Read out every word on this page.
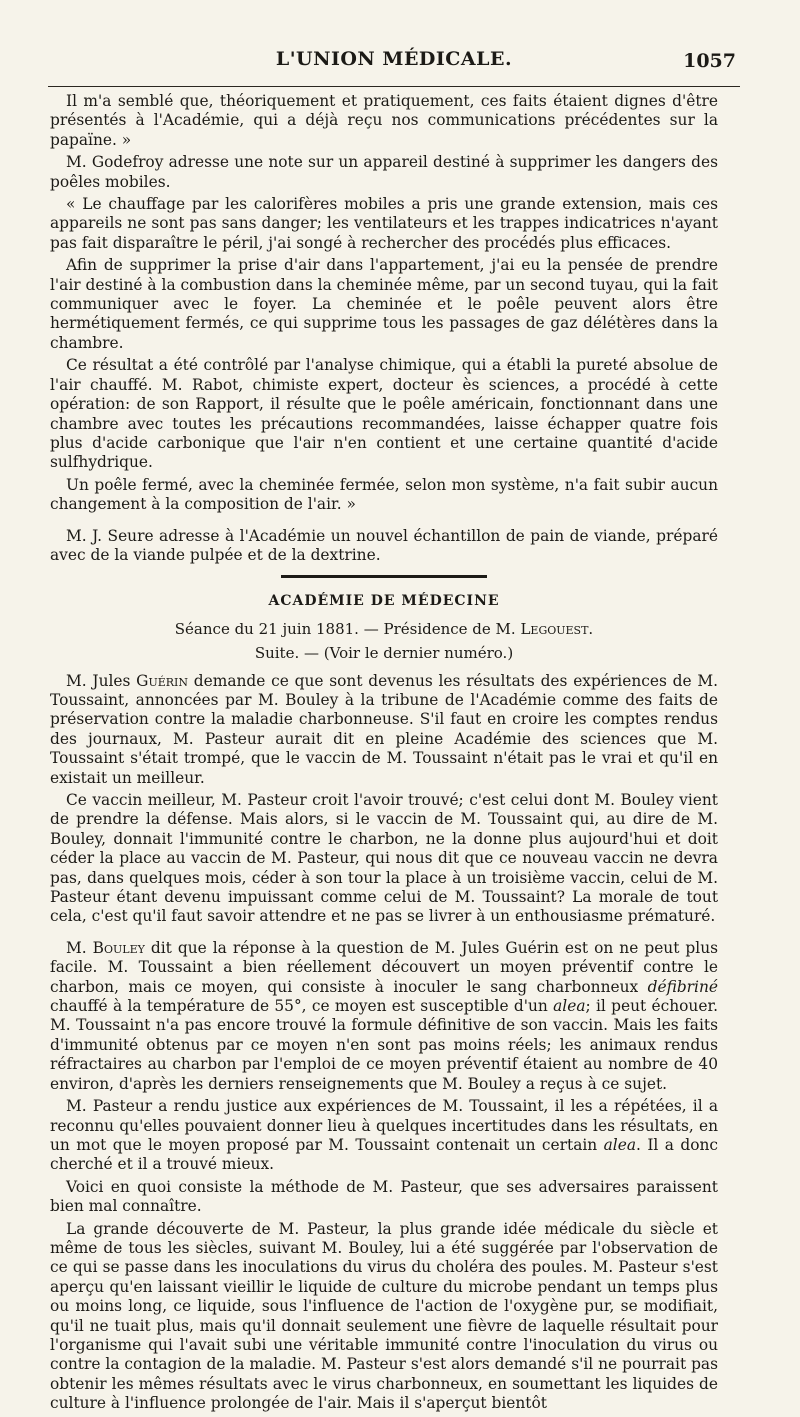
L'UNION MÉDICALE.	1057

Il m'a semblé que, théoriquement et pratiquement, ces faits étaient dignes d'être présentés à l'Académie, qui a déjà reçu nos communications précédentes sur la papaïne. »

M. Godefroy adresse une note sur un appareil destiné à supprimer les dangers des poêles mobiles.

« Le chauffage par les calorifères mobiles a pris une grande extension, mais ces appareils ne sont pas sans danger; les ventilateurs et les trappes indicatrices n'ayant pas fait disparaître le péril, j'ai songé à rechercher des procédés plus efficaces.

Afin de supprimer la prise d'air dans l'appartement, j'ai eu la pensée de prendre l'air destiné à la combustion dans la cheminée même, par un second tuyau, qui la fait communiquer avec le foyer. La cheminée et le poêle peuvent alors être hermétiquement fermés, ce qui supprime tous les passages de gaz délétères dans la chambre.

Ce résultat a été contrôlé par l'analyse chimique, qui a établi la pureté absolue de l'air chauffé. M. Rabot, chimiste expert, docteur ès sciences, a procédé à cette opération: de son Rapport, il résulte que le poêle américain, fonctionnant dans une chambre avec toutes les précautions recommandées, laisse échapper quatre fois plus d'acide carbonique que l'air n'en contient et une certaine quantité d'acide sulfhydrique.

Un poêle fermé, avec la cheminée fermée, selon mon système, n'a fait subir aucun changement à la composition de l'air. »

M. J. Seure adresse à l'Académie un nouvel échantillon de pain de viande, préparé avec de la viande pulpée et de la dextrine.

ACADÉMIE DE MÉDECINE
Séance du 21 juin 1881. — Présidence de M. Legouest.
Suite. — (Voir le dernier numéro.)

M. Jules Guérin demande ce que sont devenus les résultats des expériences de M. Toussaint, annoncées par M. Bouley à la tribune de l'Académie comme des faits de préservation contre la maladie charbonneuse. S'il faut en croire les comptes rendus des journaux, M. Pasteur aurait dit en pleine Académie des sciences que M. Toussaint s'était trompé, que le vaccin de M. Toussaint n'était pas le vrai et qu'il en existait un meilleur.

Ce vaccin meilleur, M. Pasteur croit l'avoir trouvé; c'est celui dont M. Bouley vient de prendre la défense. Mais alors, si le vaccin de M. Toussaint qui, au dire de M. Bouley, donnait l'immunité contre le charbon, ne la donne plus aujourd'hui et doit céder la place au vaccin de M. Pasteur, qui nous dit que ce nouveau vaccin ne devra pas, dans quelques mois, céder à son tour la place à un troisième vaccin, celui de M. Pasteur étant devenu impuissant comme celui de M. Toussaint? La morale de tout cela, c'est qu'il faut savoir attendre et ne pas se livrer à un enthousiasme prématuré.

M. Bouley dit que la réponse à la question de M. Jules Guérin est on ne peut plus facile. M. Toussaint a bien réellement découvert un moyen préventif contre le charbon, mais ce moyen, qui consiste à inoculer le sang charbonneux défibriné chauffé à la température de 55°, ce moyen est susceptible d'un alea; il peut échouer. M. Toussaint n'a pas encore trouvé la formule définitive de son vaccin. Mais les faits d'immunité obtenus par ce moyen n'en sont pas moins réels; les animaux rendus réfractaires au charbon par l'emploi de ce moyen préventif étaient au nombre de 40 environ, d'après les derniers renseignements que M. Bouley a reçus à ce sujet.

M. Pasteur a rendu justice aux expériences de M. Toussaint, il les a répétées, il a reconnu qu'elles pouvaient donner lieu à quelques incertitudes dans les résultats, en un mot que le moyen proposé par M. Toussaint contenait un certain alea. Il a donc cherché et il a trouvé mieux.

Voici en quoi consiste la méthode de M. Pasteur, que ses adversaires paraissent bien mal connaître.

La grande découverte de M. Pasteur, la plus grande idée médicale du siècle et même de tous les siècles, suivant M. Bouley, lui a été suggérée par l'observation de ce qui se passe dans les inoculations du virus du choléra des poules. M. Pasteur s'est aperçu qu'en laissant vieillir le liquide de culture du microbe pendant un temps plus ou moins long, ce liquide, sous l'influence de l'action de l'oxygène pur, se modifiait, qu'il ne tuait plus, mais qu'il donnait seulement une fièvre de laquelle résultait pour l'organisme qui l'avait subi une véritable immunité contre l'inoculation du virus ou contre la contagion de la maladie. M. Pasteur s'est alors demandé s'il ne pourrait pas obtenir les mêmes résultats avec le virus charbonneux, en soumettant les liquides de culture à l'influence prolongée de l'air. Mais il s'aperçut bientôt
